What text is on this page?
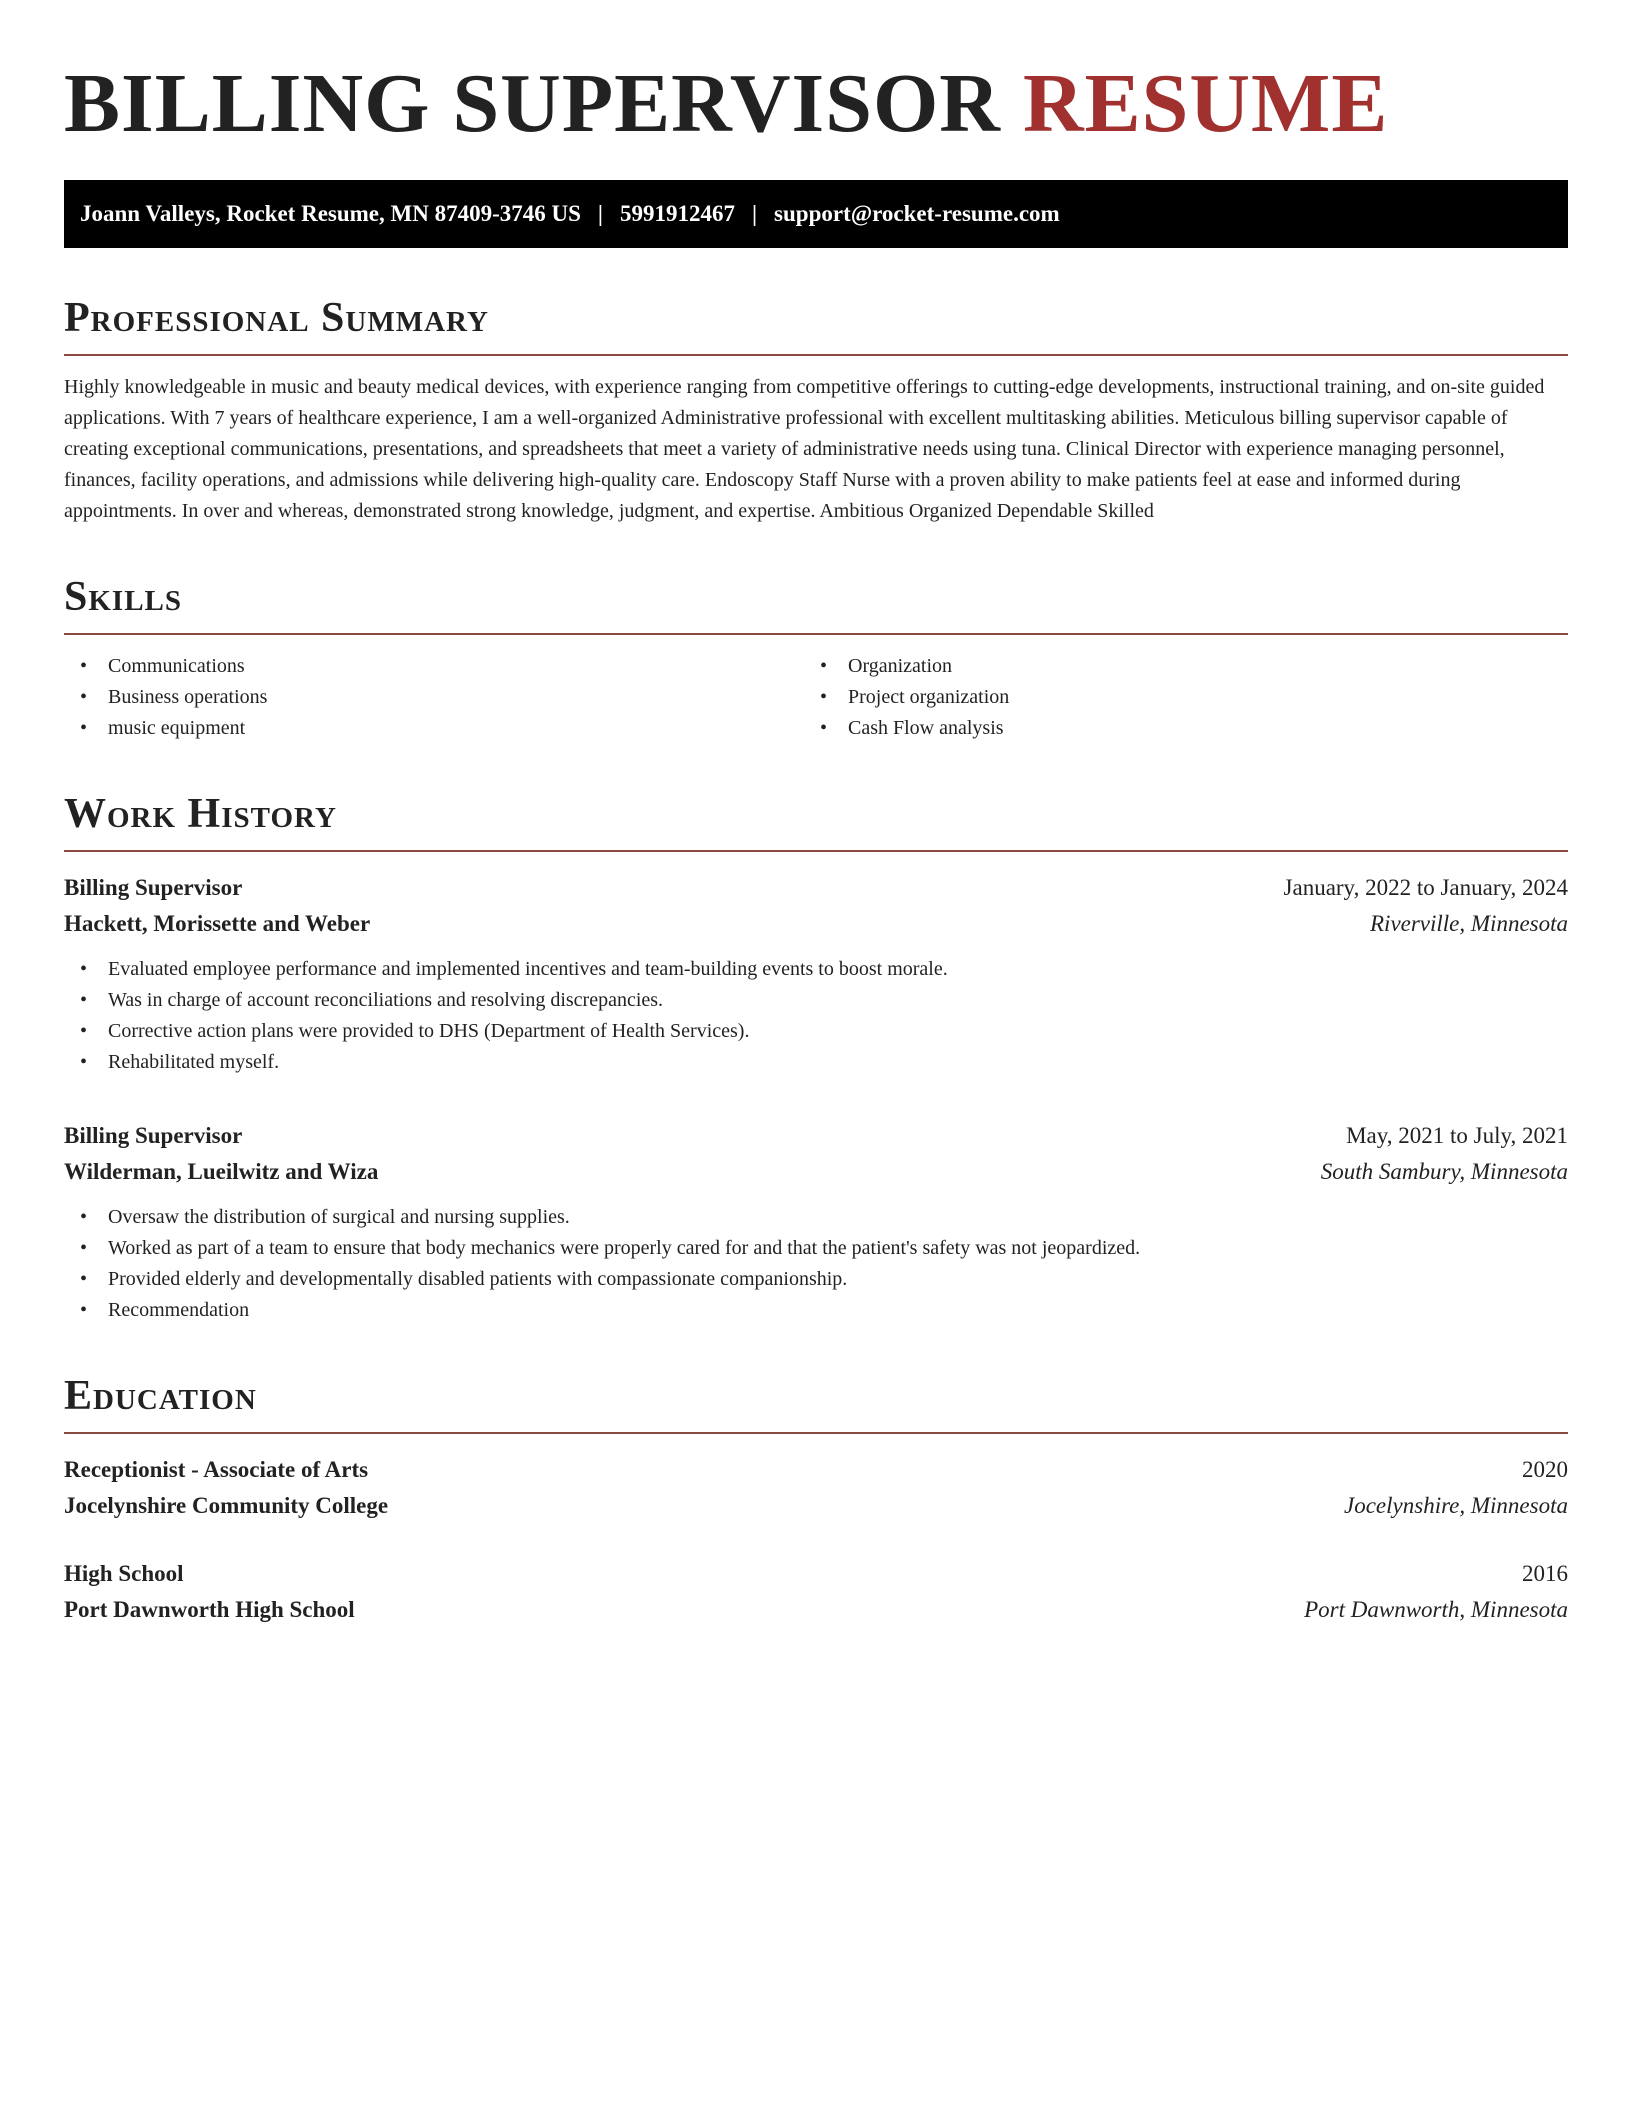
BILLING SUPERVISOR RESUME
Joann Valleys, Rocket Resume, MN 87409-3746 US | 5991912467 | support@rocket-resume.com
Professional Summary

Highly knowledgeable in music and beauty medical devices, with experience ranging from competitive offerings to cutting-edge developments, instructional training, and on-site guided applications. With 7 years of healthcare experience, I am a well-organized Administrative professional with excellent multitasking abilities. Meticulous billing supervisor capable of creating exceptional communications, presentations, and spreadsheets that meet a variety of administrative needs using tuna. Clinical Director with experience managing personnel, finances, facility operations, and admissions while delivering high-quality care. Endoscopy Staff Nurse with a proven ability to make patients feel at ease and informed during appointments. In over and whereas, demonstrated strong knowledge, judgment, and expertise. Ambitious Organized Dependable Skilled

Skills
• Communications
• Business operations
• music equipment
• Organization
• Project organization
• Cash Flow analysis
Work History
Billing Supervisor	January, 2022 to January, 2024
Hackett, Morissette and Weber	Riverville, Minnesota
• Evaluated employee performance and implemented incentives and team-building events to boost morale.
• Was in charge of account reconciliations and resolving discrepancies.
• Corrective action plans were provided to DHS (Department of Health Services).
• Rehabilitated myself.
Billing Supervisor	May, 2021 to July, 2021
Wilderman, Lueilwitz and Wiza	South Sambury, Minnesota
• Oversaw the distribution of surgical and nursing supplies.
• Worked as part of a team to ensure that body mechanics were properly cared for and that the patient's safety was not jeopardized.
• Provided elderly and developmentally disabled patients with compassionate companionship.
• Recommendation
Education
Receptionist - Associate of Arts	2020
Jocelynshire Community College	Jocelynshire, Minnesota
High School	2016
Port Dawnworth High School	Port Dawnworth, Minnesota
